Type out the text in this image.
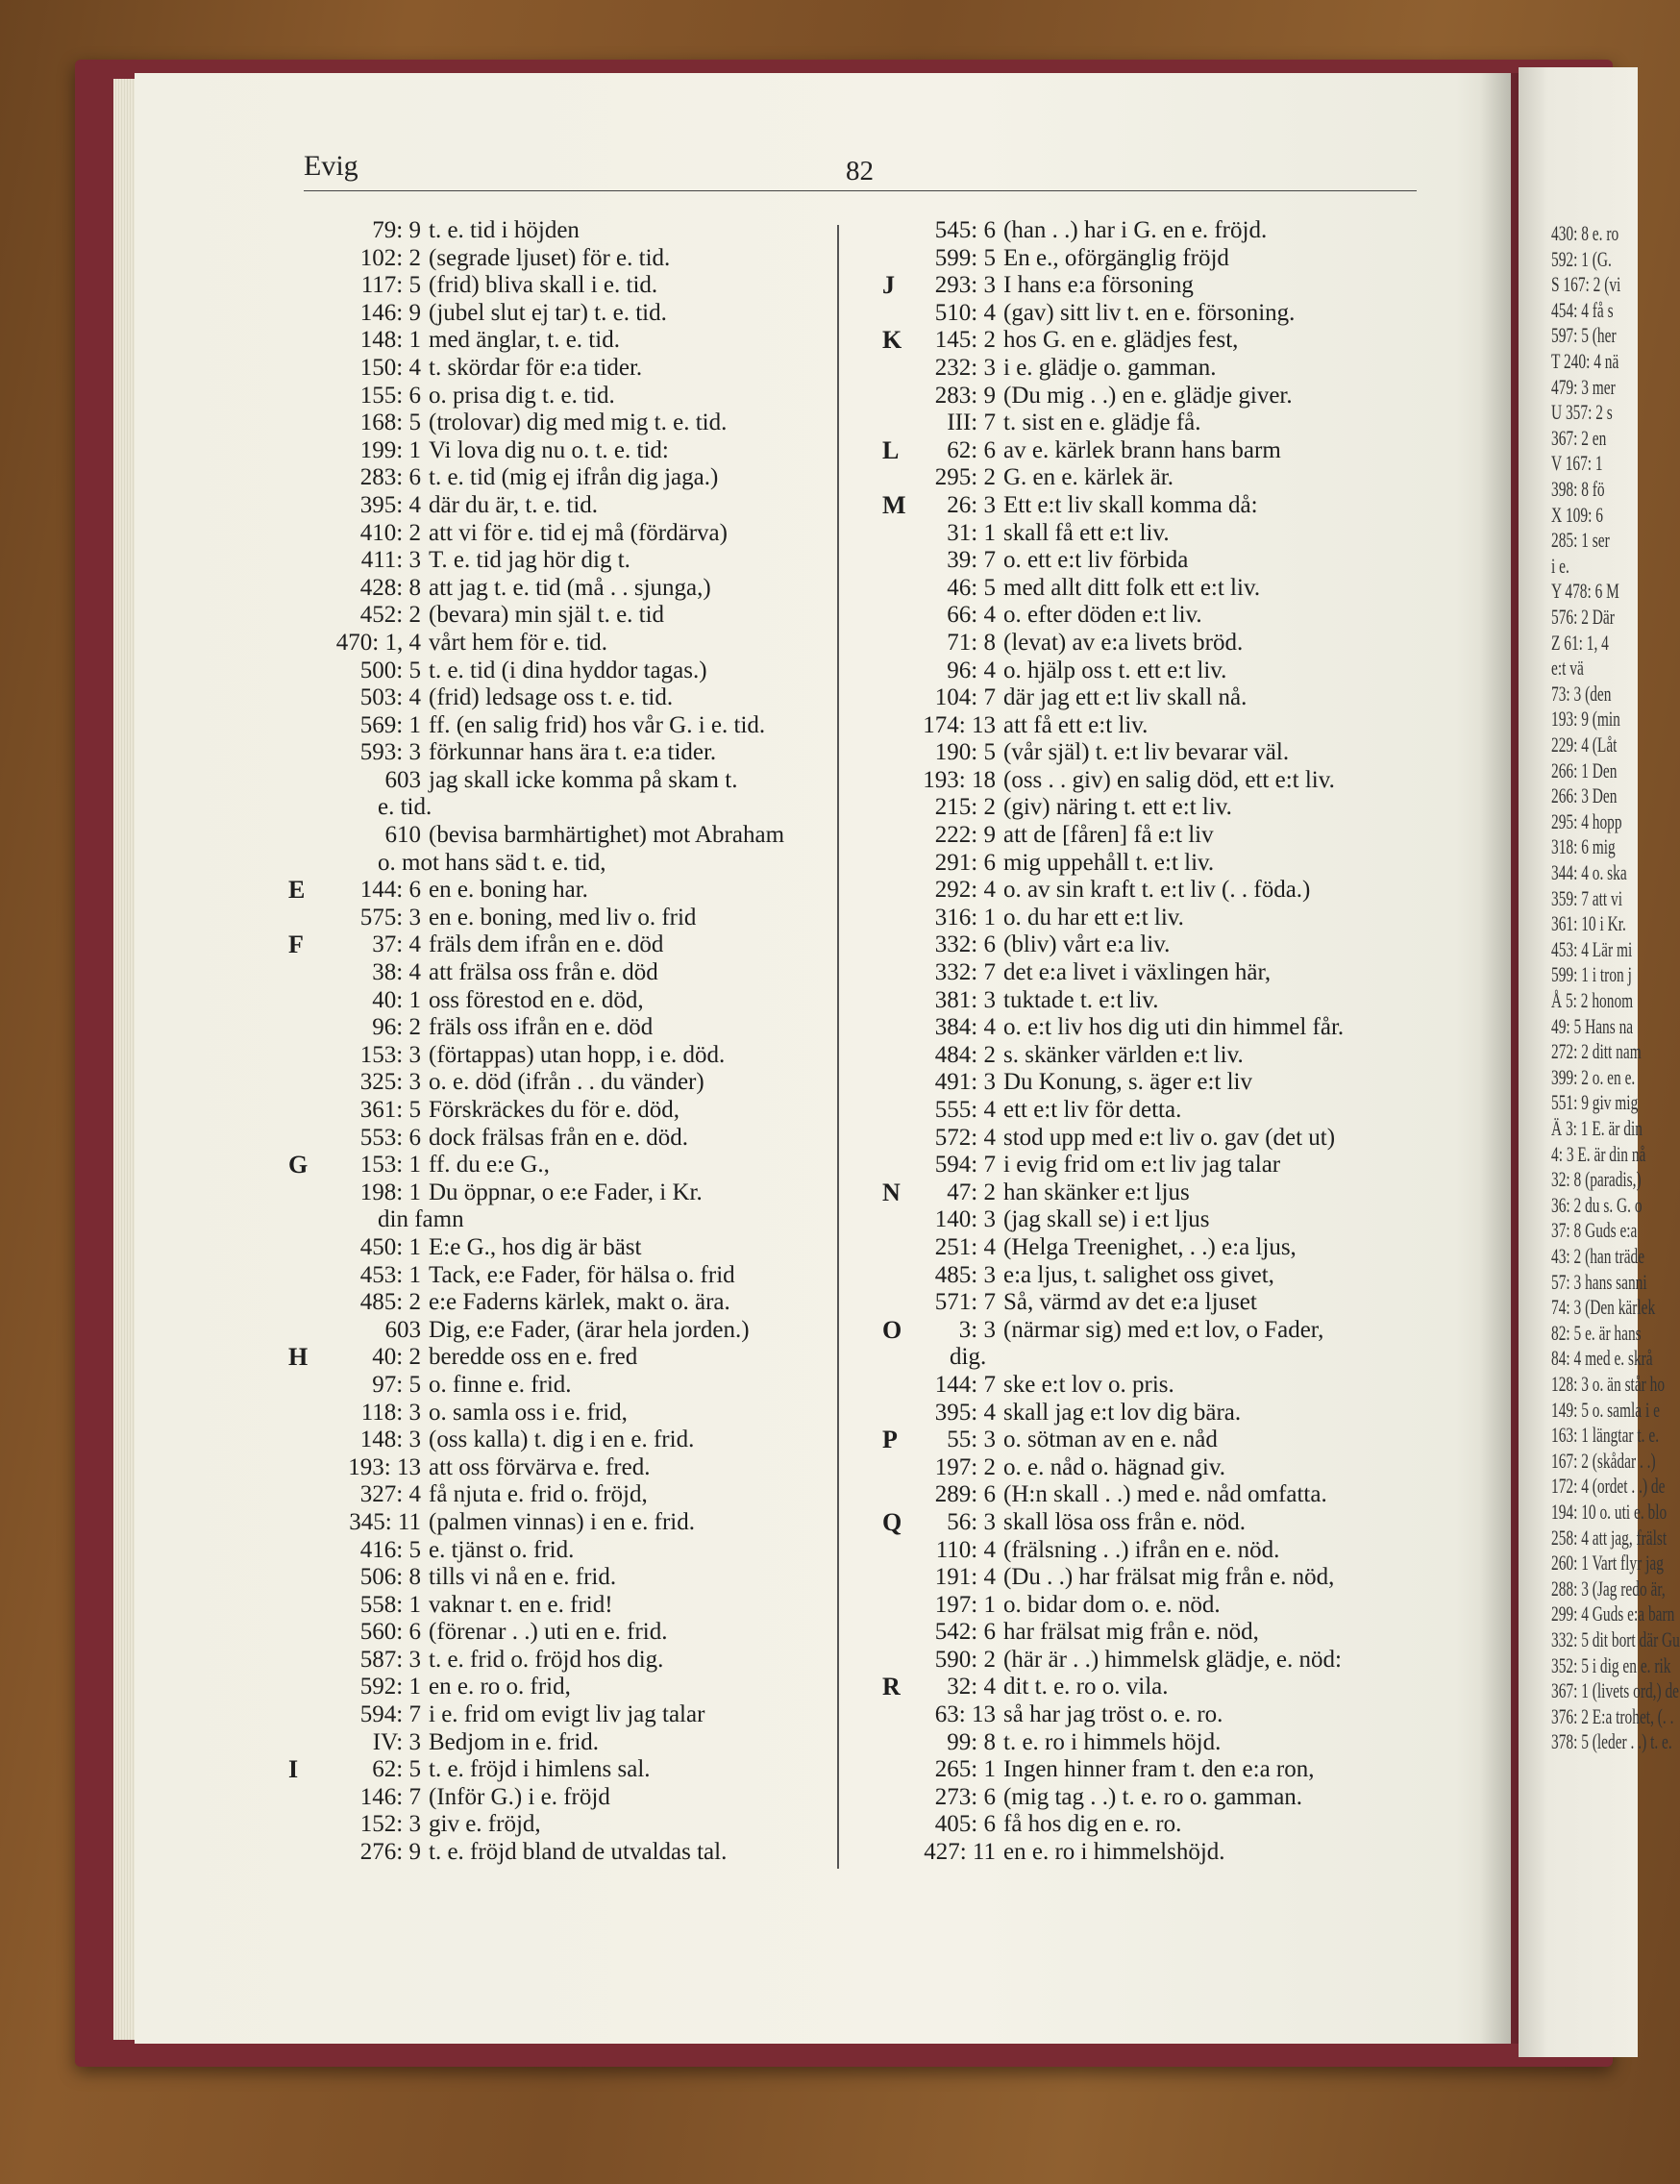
430: 8 e. ro
592: 1 (G.
S 167: 2 (vi
454: 4 få s
597: 5 (her
T 240: 4 nä
479: 3 mer
U 357: 2 s
367: 2 en
V 167: 1
398: 8 fö
X 109: 6
285: 1 ser
i e.
Y 478: 6 M
576: 2 Där
Z 61: 1, 4
e:t vä
73: 3 (den
193: 9 (min
229: 4 (Låt
266: 1 Den
266: 3 Den
295: 4 hopp
318: 6 mig
344: 4 o. ska
359: 7 att vi
361: 10 i Kr.
453: 4 Lär mi
599: 1 i tron j
Å 5: 2 honom
49: 5 Hans na
272: 2 ditt nam
399: 2 o. en e.
551: 9 giv mig
Ä 3: 1 E. är din
4: 3 E. är din nå
32: 8 (paradis,)
36: 2 du s. G. o
37: 8 Guds e:a
43: 2 (han träde
57: 3 hans sanni
74: 3 (Den kärlek
82: 5 e. är hans
84: 4 med e. skrå
128: 3 o. än står ho
149: 5 o. samla i e
163: 1 längtar t. e.
167: 2 (skådar . .)
172: 4 (ordet . .) de
194: 10 o. uti e. blo
258: 4 att jag, frälst
260: 1 Vart flyr jag
288: 3 (Jag redo är,
299: 4 Guds e:a barn
332: 5 dit bort där Gu
352: 5 i dig en e. rik
367: 1 (livets ord,) de
376: 2 E:a trohet, (. .
378: 5 (leder . .) t. e.
Evig	82
79: 9 t. e. tid i höjden
102: 2 (segrade ljuset) för e. tid.
117: 5 (frid) bliva skall i e. tid.
146: 9 (jubel slut ej tar) t. e. tid.
148: 1 med änglar, t. e. tid.
150: 4 t. skördar för e:a tider.
155: 6 o. prisa dig t. e. tid.
168: 5 (trolovar) dig med mig t. e. tid.
199: 1 Vi lova dig nu o. t. e. tid:
283: 6 t. e. tid (mig ej ifrån dig jaga.)
395: 4 där du är, t. e. tid.
410: 2 att vi för e. tid ej må (fördärva)
411: 3 T. e. tid jag hör dig t.
428: 8 att jag t. e. tid (må . . sjunga,)
452: 2 (bevara) min själ t. e. tid
470: 1, 4 vårt hem för e. tid.
500: 5 t. e. tid (i dina hyddor tagas.)
503: 4 (frid) ledsage oss t. e. tid.
569: 1 ff. (en salig frid) hos vår G. i e. tid.
593: 3 förkunnar hans ära t. e:a tider.
603 jag skall icke komma på skam t.
e. tid.
610 (bevisa barmhärtighet) mot Abraham
o. mot hans säd t. e. tid,
E	144: 6 en e. boning har.
575: 3 en e. boning, med liv o. frid
F	37: 4 fräls dem ifrån en e. död
38: 4 att frälsa oss från e. död
40: 1 oss förestod en e. död,
96: 2 fräls oss ifrån en e. död
153: 3 (förtappas) utan hopp, i e. död.
325: 3 o. e. död (ifrån . . du vänder)
361: 5 Förskräckes du för e. död,
553: 6 dock frälsas från en e. död.
G	153: 1 ff. du e:e G.,
198: 1 Du öppnar, o e:e Fader, i Kr.
din famn
450: 1 E:e G., hos dig är bäst
453: 1 Tack, e:e Fader, för hälsa o. frid
485: 2 e:e Faderns kärlek, makt o. ära.
603 Dig, e:e Fader, (ärar hela jorden.)
H	40: 2 beredde oss en e. fred
97: 5 o. finne e. frid.
118: 3 o. samla oss i e. frid,
148: 3 (oss kalla) t. dig i en e. frid.
193: 13 att oss förvärva e. fred.
327: 4 få njuta e. frid o. fröjd,
345: 11 (palmen vinnas) i en e. frid.
416: 5 e. tjänst o. frid.
506: 8 tills vi nå en e. frid.
558: 1 vaknar t. en e. frid!
560: 6 (förenar . .) uti en e. frid.
587: 3 t. e. frid o. fröjd hos dig.
592: 1 en e. ro o. frid,
594: 7 i e. frid om evigt liv jag talar
IV: 3 Bedjom in e. frid.
I	62: 5 t. e. fröjd i himlens sal.
146: 7 (Inför G.) i e. fröjd
152: 3 giv e. fröjd,
276: 9 t. e. fröjd bland de utvaldas tal.
545: 6 (han . .) har i G. en e. fröjd.
599: 5 En e., oförgänglig fröjd
J	293: 3 I hans e:a försoning
510: 4 (gav) sitt liv t. en e. försoning.
K	145: 2 hos G. en e. glädjes fest,
232: 3 i e. glädje o. gamman.
283: 9 (Du mig . .) en e. glädje giver.
III: 7 t. sist en e. glädje få.
L	62: 6 av e. kärlek brann hans barm
295: 2 G. en e. kärlek är.
M	26: 3 Ett e:t liv skall komma då:
31: 1 skall få ett e:t liv.
39: 7 o. ett e:t liv förbida
46: 5 med allt ditt folk ett e:t liv.
66: 4 o. efter döden e:t liv.
71: 8 (levat) av e:a livets bröd.
96: 4 o. hjälp oss t. ett e:t liv.
104: 7 där jag ett e:t liv skall nå.
174: 13 att få ett e:t liv.
190: 5 (vår själ) t. e:t liv bevarar väl.
193: 18 (oss . . giv) en salig död, ett e:t liv.
215: 2 (giv) näring t. ett e:t liv.
222: 9 att de [fåren] få e:t liv
291: 6 mig uppehåll t. e:t liv.
292: 4 o. av sin kraft t. e:t liv (. . föda.)
316: 1 o. du har ett e:t liv.
332: 6 (bliv) vårt e:a liv.
332: 7 det e:a livet i växlingen här,
381: 3 tuktade t. e:t liv.
384: 4 o. e:t liv hos dig uti din himmel får.
484: 2 s. skänker världen e:t liv.
491: 3 Du Konung, s. äger e:t liv
555: 4 ett e:t liv för detta.
572: 4 stod upp med e:t liv o. gav (det ut)
594: 7 i evig frid om e:t liv jag talar
N	47: 2 han skänker e:t ljus
140: 3 (jag skall se) i e:t ljus
251: 4 (Helga Treenighet, . .) e:a ljus,
485: 3 e:a ljus, t. salighet oss givet,
571: 7 Så, värmd av det e:a ljuset
O	3: 3 (närmar sig) med e:t lov, o Fader,
dig.
144: 7 ske e:t lov o. pris.
395: 4 skall jag e:t lov dig bära.
P	55: 3 o. sötman av en e. nåd
197: 2 o. e. nåd o. hägnad giv.
289: 6 (H:n skall . .) med e. nåd omfatta.
Q	56: 3 skall lösa oss från e. nöd.
110: 4 (frälsning . .) ifrån en e. nöd.
191: 4 (Du . .) har frälsat mig från e. nöd,
197: 1 o. bidar dom o. e. nöd.
542: 6 har frälsat mig från e. nöd,
590: 2 (här är . .) himmelsk glädje, e. nöd:
R	32: 4 dit t. e. ro o. vila.
63: 13 så har jag tröst o. e. ro.
99: 8 t. e. ro i himmels höjd.
265: 1 Ingen hinner fram t. den e:a ron,
273: 6 (mig tag . .) t. e. ro o. gamman.
405: 6 få hos dig en e. ro.
427: 11 en e. ro i himmelshöjd.
